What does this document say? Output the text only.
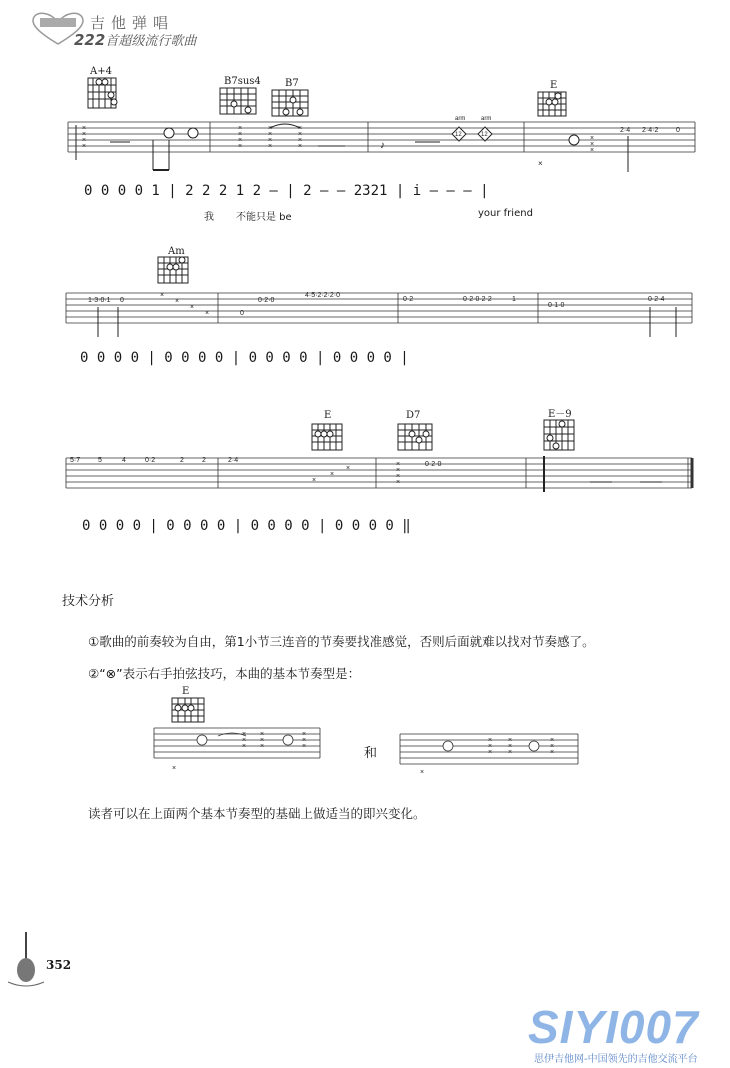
吉他弹唱
222首超级流行歌曲
×
×
×
×
×
×
×
×
×
×
×
×
×
×
×
×	♪
arm	arm
12	12	×
×
×
×
2·4 2·4·2	0
A+4
B7sus4 B7	E
0 0 0 0 1 | 2 2 2 1 2 — | 2 — — 2321 | i — — — |
我 不能只是 be	your friend
1·3·0·1 0
×
×
×
×	0
0·2·0
4·5·2·2·2·0
0·2	0·2·0·2·2	1
0·1·0
0·2·4
Am
0 0 0 0 | 0 0 0 0 | 0 0 0 0 | 0 0 0 0 |
5·7	5	4	0·2	2	2	2·4
×
×
×
×
×
×
×
0·2·0
E	D7	E－9
0 0 0 0 | 0 0 0 0 | 0 0 0 0 | 0 0 0 0 ‖
技术分析
①歌曲的前奏较为自由，第1小节三连音的节奏要找准感觉，否则后面就难以找对节奏感了。
②“⊗”表示右手拍弦技巧，本曲的基本节奏型是：
E
×
×
×
×
×
×
×
×
×
×
×
×
×
×
×
×
×
×
×
×
和
读者可以在上面两个基本节奏型的基础上做适当的即兴变化。
352
SIYI007
思伊吉他网-中国领先的吉他交流平台
